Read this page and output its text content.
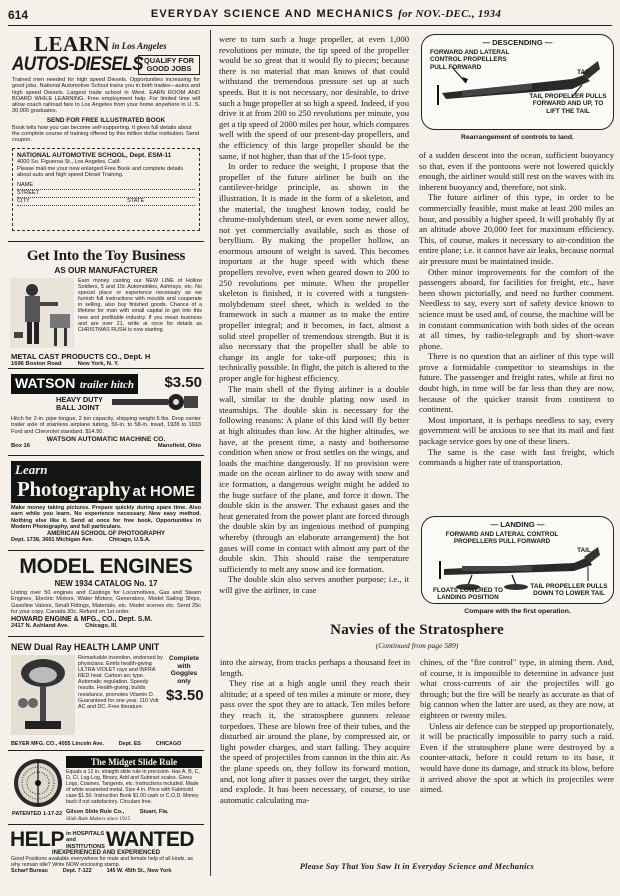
614	EVERYDAY SCIENCE AND MECHANICS for NOV.-DEC., 1934
LEARN in Los Angeles
AUTOS-DIESELS QUALIFY FOR GOOD JOBS
Trained men needed for high speed Diesels. Opportunities increasing for good jobs. National Automotive School trains you in both trades—autos and high speed Diesels. Largest trade school in West. EARN ROOM AND BOARD WHILE LEARNING. Free employment help. For limited time will allow coach railroad fare to Los Angeles from your home anywhere in U. S. 30,000 graduates.
SEND FOR FREE ILLUSTRATED BOOK
Book tells how you can become self-supporting. It gives full details about the complete course of training offered by this million dollar institution. Send coupon.
NATIONAL AUTOMOTIVE SCHOOL, Dept. ESM-11
4000 So. Figueroa St., Los Angeles, Calif.
Please mail me your new enlarged Free Book and complete details about auto and high speed Diesel Training.
NAME
STREET
CITY	STATE
Get Into the Toy Business
AS OUR MANUFACTURER
Earn money casting our NEW LINE of Hollow Soldiers, 5 and 10c Automobiles, Ashtrays, etc. No special place or experience necessary as we furnish full instructions with moulds and cooperate in selling, also buy finished goods. Chance of a lifetime for man with small capital to get into this new and profitable industry. If you mean business and are over 21, write at once for details as CHRISTMAS RUSH is now starting.
METAL CAST PRODUCTS CO., Dept. H
1696 Boston Road          New York, N. Y.
WATSON trailer hitch $3.50
HEAVY DUTY
BALL JOINT
Hitch for 2-in. pipe tongue, 2 ton capacity, shipping weight 6 lbs. Drop center trailer axle of stainless airplane tubing, 56-in. to 58-in. tread, 1928 to 1933 Ford and Chevrolet standard, $14.50.
WATSON AUTOMATIC MACHINE CO.
Box 16	Mansfield, Ohio
Learn
Photography at HOME
Make money taking pictures. Prepare quickly during spare time. Also earn while you learn. No experience necessary. New easy method. Nothing else like it. Send at once for free book, Opportunities in Modern Photography, and full particulars.
AMERICAN SCHOOL OF PHOTOGRAPHY
Dept. 1738, 3601 Michigan Ave.          Chicago, U.S.A.
MODEL ENGINES
NEW 1934 CATALOG No. 17
Listing over 50 engines and Castings for Locomotives, Gas and Steam Engines, Electric Motors, Water Motors, Generators, Model Sailing Ships, Gasoline Valves, Small Fittings, Materials, etc. Model scenes etc. Send 25c for your copy. Canada 30c. Refund on 1st order.
HOWARD ENGINE & MFG., CO., Dept. S.M.
2417 N. Ashland Ave.          Chicago, Ill.
NEW Dual Ray HEALTH LAMP UNIT
Remarkable invention, endorsed by physicians. Emits health-giving ULTRA VIOLET rays and INFRA RED heat. Carbon arc type. Automatic regulation. Speedy results. Health-giving, builds resistance, promotes Vitamin D. Guaranteed for one year. 110 Volt AC and DC. Free literature.
Complete with Goggles only
$3.50
BEYER MFG. CO., 4055 Lincoln Ave.          Dept. ES          CHICAGO
The Midget Slide Rule
Equals a 12 in. straight slide rule in precision. Has A, B, C, D, CI, Log-Log, Binary, Add and Subtract scales. Gives Logs, Cosines, Tangents, etc. Instructions included. Made of white enameled metal. Size 4 in. Price with Fabricoid case $1.50. Instruction Book $1.00 cash or C.O.D. Money back if not satisfactory. Circulars free.
PATENTED 1-17-22 Gilson Slide Rule Co.,          Stuart, Fla.
Slide Rule Makers since 1915
HELP in HOSPITALS and INSTITUTIONS WANTED
INEXPERIENCED AND EXPERIENCED
Good Positions available everywhere for male and female help of all kinds, as why remain idle? Write NOW enclosing stamp.
Scharf Bureau          Dept. 7-122          145 W. 45th St., New York

were to turn such a huge propeller, at even 1,000 revolutions per minute, the tip speed of the propeller would be so great that it would fly to pieces; because there is no material that man knows of that could withstand the tremendous pressure set up at such speeds. But it is not necessary, nor desirable, to drive such a huge propeller at so high a speed. Indeed, if you drive it at from 200 to 250 revolutions per minute, you get a tip speed of 2000 miles per hour, which compares well with the speed of our present-day propellers, and the efficiency of this large propeller should be the same, if not higher, than that of the 15-foot type.

In order to reduce the weight, I propose that the propeller of the future airliner be built on the cantilever-bridge principle, as shown in the illustration. It is made in the form of a skeleton, and the material, the toughest known today, could be chrome-molybdenum steel, or even some newer alloy, not yet commercially available, such as those of beryllium. By making the propeller hollow, an enormous amount of weight is saved. This becomes important at the huge speed with which these propellers revolve, even when geared down to 200 to 250 revolutions per minute. When the propeller skeleton is finished, it is covered with a tungsten-molybdenum steel sheet, which is welded to the framework in such a manner as to make the entire propeller integral; and it becomes, in fact, almost a solid steel propeller of tremendous strength. But it is also necessary that the propeller shall be able to change its angle for take-off purposes; this is technically possible. In flight, the pitch is altered to the proper angle for highest efficiency.

The main shell of the flying airliner is a double wall, similar to the double plating now used in steamships. The double skin is necessary for the following reasons: A plane of this kind will fly better at high altitudes than low. At the higher altitudes, we have, at the present time, a nasty and bothersome condition when snow or frost settles on the wings, and loads the machine dangerously. If no provision were made on the ocean airliner to do away with snow and ice formation, a dangerous weight might be added to the huge surface of the plane, and force it down. The double skin is the answer. The exhaust gases and the heat generated from the power plant are forced through the double skin by an ingenious method of pumping whereby (through an elaborate arrangement) the hot gases will come in contact with almost any part of the double skin. This should raise the temperature sufficiently to melt any snow and ice formation.

The double skin also serves another purpose; i.e., it will give the airliner, in case

— DESCENDING —
FORWARD AND LATERAL CONTROL PROPELLERS PULL FORWARD
TAIL PROPELLER PULLS FORWARD AND UP, TO LIFT THE TAIL
TAIL
Rearrangement of controls to land.

of a sudden descent into the ocean, sufficient buoyancy so that, even if the pontoons were not lowered quickly enough, the airliner would still rest on the waves with its inherent buoyancy and, therefore, not sink.

The future airliner of this type, in order to be commercially feasible, must make at least 200 miles an hour, and possibly a higher speed. It will probably fly at an altitude above 20,000 feet for maximum efficiency. This, of course, makes it necessary to air-condition the entire plane; i.e. it cannot have air leaks, because normal air pressure must be maintained inside.

Other minor improvements for the comfort of the passengers aboard, for facilities for freight, etc., have been shown pictorially, and need no further comment. Needless to say, every sort of safety device known to science must be used and, of course, the machine will be in constant communication with both sides of the ocean at all times, by radio-telegraph and by short-wave phone.

There is no question that an airliner of this type will prove a formidable competitor to steamships in the future. The passenger and freight rates, while at first no doubt high, in time will be far less than they are now, because of the quicker transit from continent to continent.

Most important, it is perhaps needless to say, every government will be anxious to see that its mail and fast package service goes by one of these liners.

The same is the case with fast freight, which commands a higher rate of transportation.

— LANDING —
FORWARD AND LATERAL CONTROL PROPELLERS PULL FORWARD
FLOATS LOWERED TO LANDING POSITION
TAIL PROPELLER PULLS DOWN TO LOWER TAIL
TAIL
Compare with the first operation.
Navies of the Stratosphere
(Continued from page 589)

into the airway, from tracks perhaps a thousand feet in length.

They rise at a high angle until they reach their altitude; at a speed of ten miles a minute or more, they pass over the spot they are to attack. Ten miles before they reach it, the stratosphere gunners release torpedoes. These are blown free of their tubes, and the disturbed air around the plane, by compressed air, or light powder charges, and start falling. They acquire the speed of projectiles from cannon in the thin air. As the plane speeds on, they follow its forward motion, and, not long after it passes over the target, they strike and explode. It has been necessary, of course, to use automatic calculating ma-

chines, of the "fire control" type, in aiming them. And, of course, it is impossible to determine in advance just what cross-currents of air the projectiles will go through; but the fire will be nearly as accurate as that of big cannon when the latter are used, as they are now, at eighteen or twenty miles.

Unless air defence can be stepped up proportionately, it will be practically impossible to parry such a raid. Even if the stratosphere plane were destroyed by a counter-attack, before it could return to its base, it would have done its damage, and struck its blow, before it arrived above the spot at which its projectiles were aimed.

Please Say That You Saw It in Everyday Science and Mechanics
